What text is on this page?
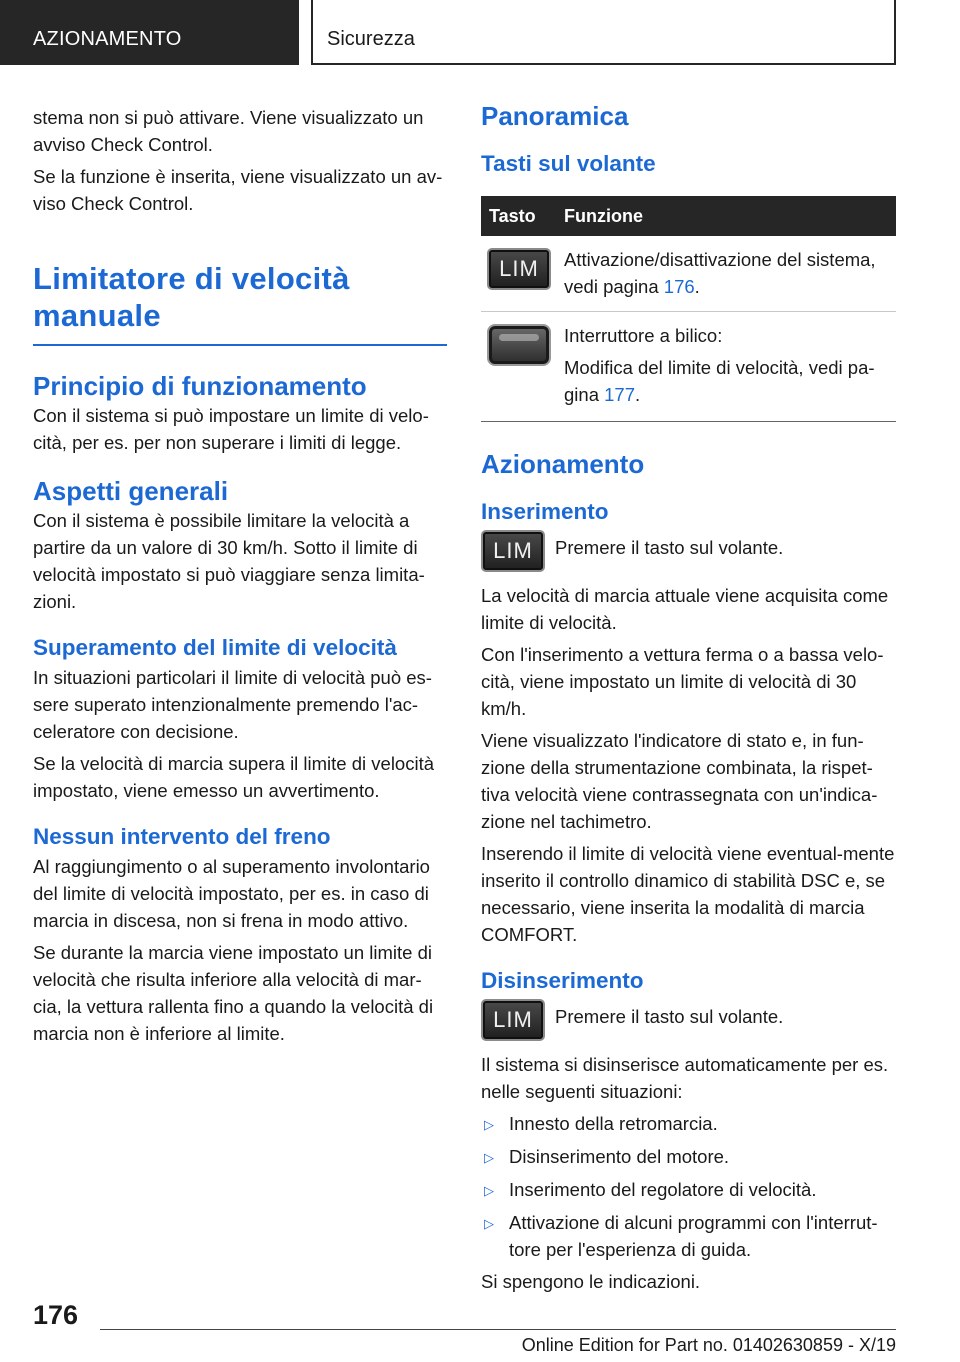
AZIONAMENTO	Sicurezza

stema non si può attivare. Viene visualizzato un avviso Check Control.

Se la funzione è inserita, viene visualizzato un av-viso Check Control.

Limitatore di velocità
manuale
Principio di funzionamento

Con il sistema si può impostare un limite di velo-cità, per es. per non superare i limiti di legge.

Aspetti generali

Con il sistema è possibile limitare la velocità a partire da un valore di 30 km/h. Sotto il limite di velocità impostato si può viaggiare senza limita-zioni.

Superamento del limite di velocità

In situazioni particolari il limite di velocità può es-sere superato intenzionalmente premendo l'ac-celeratore con decisione.

Se la velocità di marcia supera il limite di velocità impostato, viene emesso un avvertimento.

Nessun intervento del freno

Al raggiungimento o al superamento involontario del limite di velocità impostato, per es. in caso di marcia in discesa, non si frena in modo attivo.

Se durante la marcia viene impostato un limite di velocità che risulta inferiore alla velocità di mar-cia, la vettura rallenta fino a quando la velocità di marcia non è inferiore al limite.

Panoramica
Tasti sul volante
Tasto	Funzione
LIM	Attivazione/disattivazione del sistema, vedi pagina 176.

Interruttore a bilico:

Modifica del limite di velocità, vedi pa-gina 177.

Azionamento
Inserimento
LIM	Premere il tasto sul volante.

La velocità di marcia attuale viene acquisita come limite di velocità.

Con l'inserimento a vettura ferma o a bassa velo-cità, viene impostato un limite di velocità di 30 km/h.

Viene visualizzato l'indicatore di stato e, in fun-zione della strumentazione combinata, la rispet-tiva velocità viene contrassegnata con un'indica-zione nel tachimetro.

Inserendo il limite di velocità viene eventual-mente inserito il controllo dinamico di stabilità DSC e, se necessario, viene inserita la modalità di marcia COMFORT.

Disinserimento
LIM	Premere il tasto sul volante.

Il sistema si disinserisce automaticamente per es. nelle seguenti situazioni:

▷ Innesto della retromarcia.
▷ Disinserimento del motore.
▷ Inserimento del regolatore di velocità.
▷ Attivazione di alcuni programmi con l'interrut-tore per l'esperienza di guida.

Si spengono le indicazioni.

176
Online Edition for Part no. 01402630859 - X/19
